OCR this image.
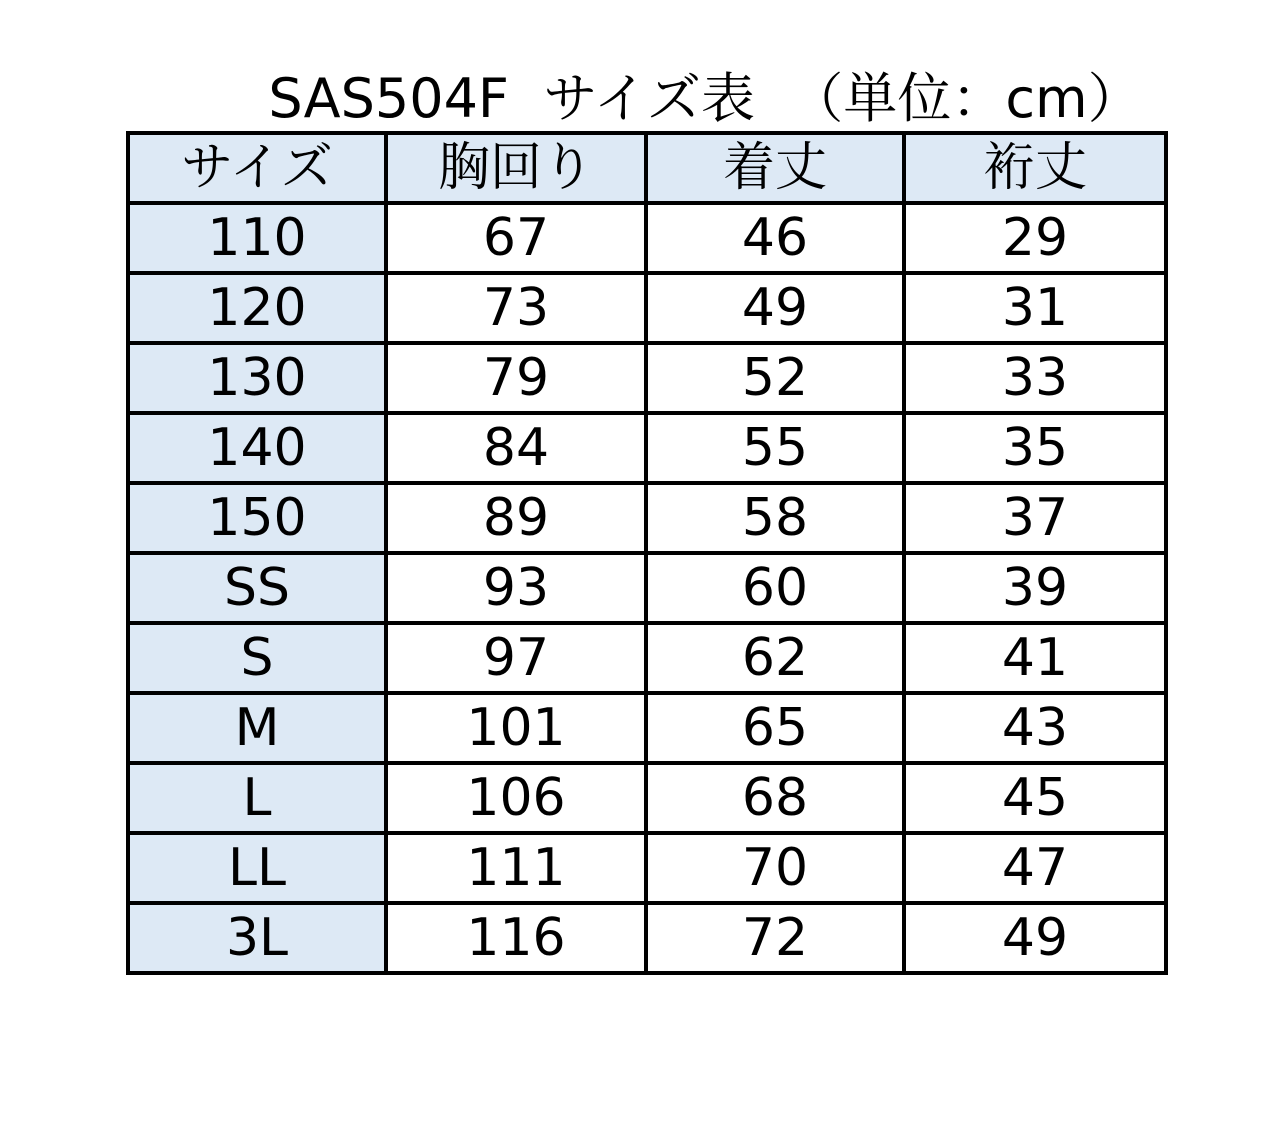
SAS504F  サイズ表  （単位：cm）
サイズ	胸回り	着丈	裄丈
110	67	46	29
120	73	49	31
130	79	52	33
140	84	55	35
150	89	58	37
SS	93	60	39
S	97	62	41
M	101	65	43
L	106	68	45
LL	111	70	47
3L	116	72	49
